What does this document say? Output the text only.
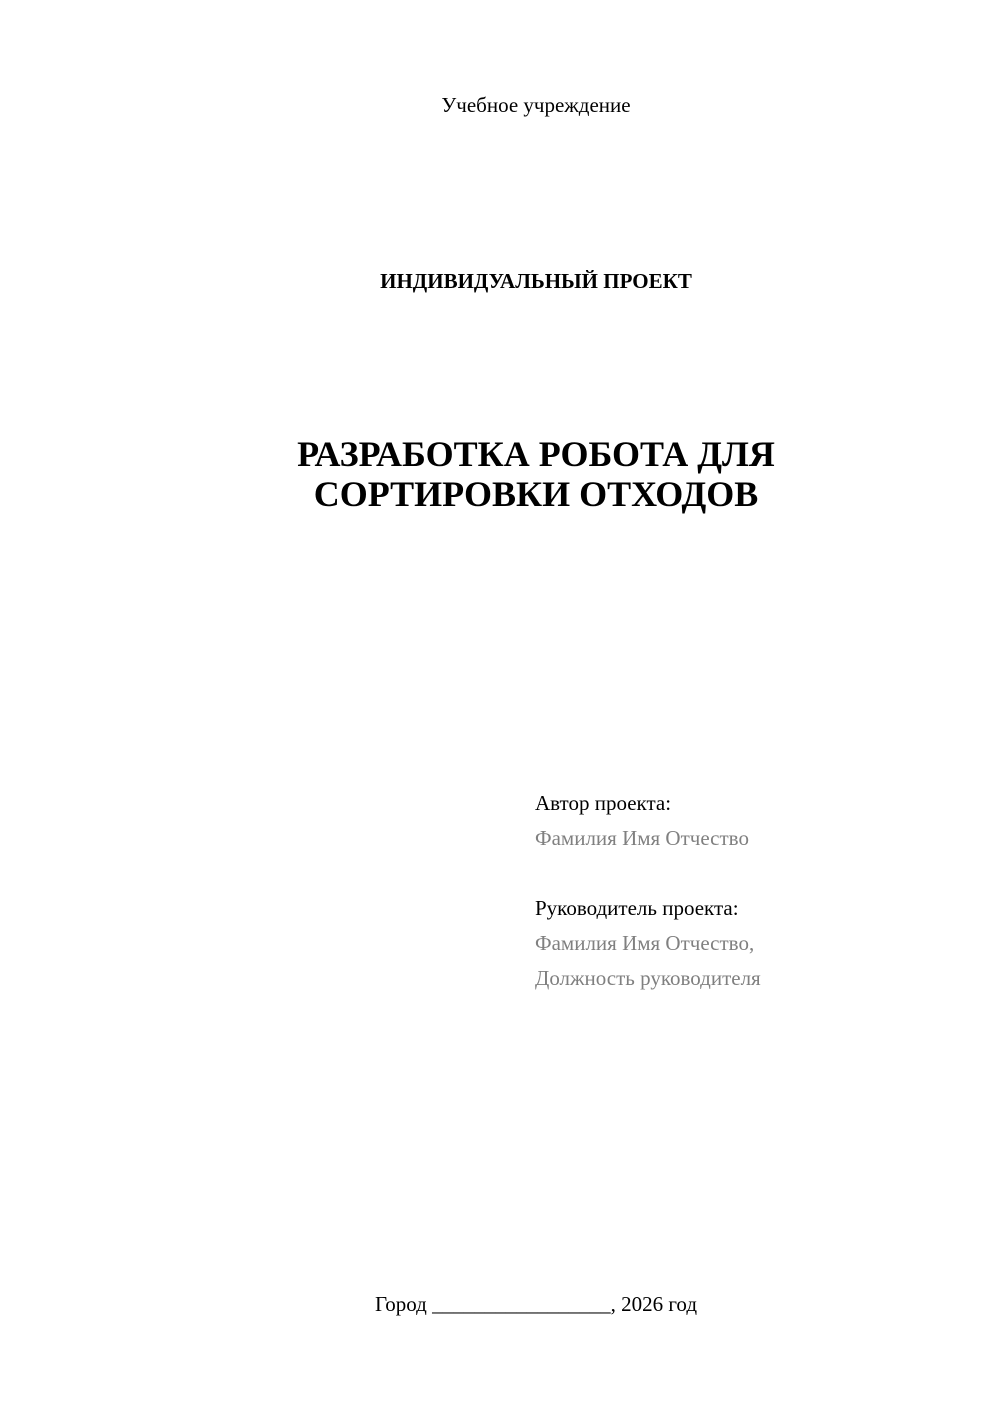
Учебное учреждение
ИНДИВИДУАЛЬНЫЙ ПРОЕКТ
РАЗРАБОТКА РОБОТА ДЛЯ
СОРТИРОВКИ ОТХОДОВ
Автор проекта:
Фамилия Имя Отчество
Руководитель проекта:
Фамилия Имя Отчество,
Должность руководителя
Город _________________, 2026 год
